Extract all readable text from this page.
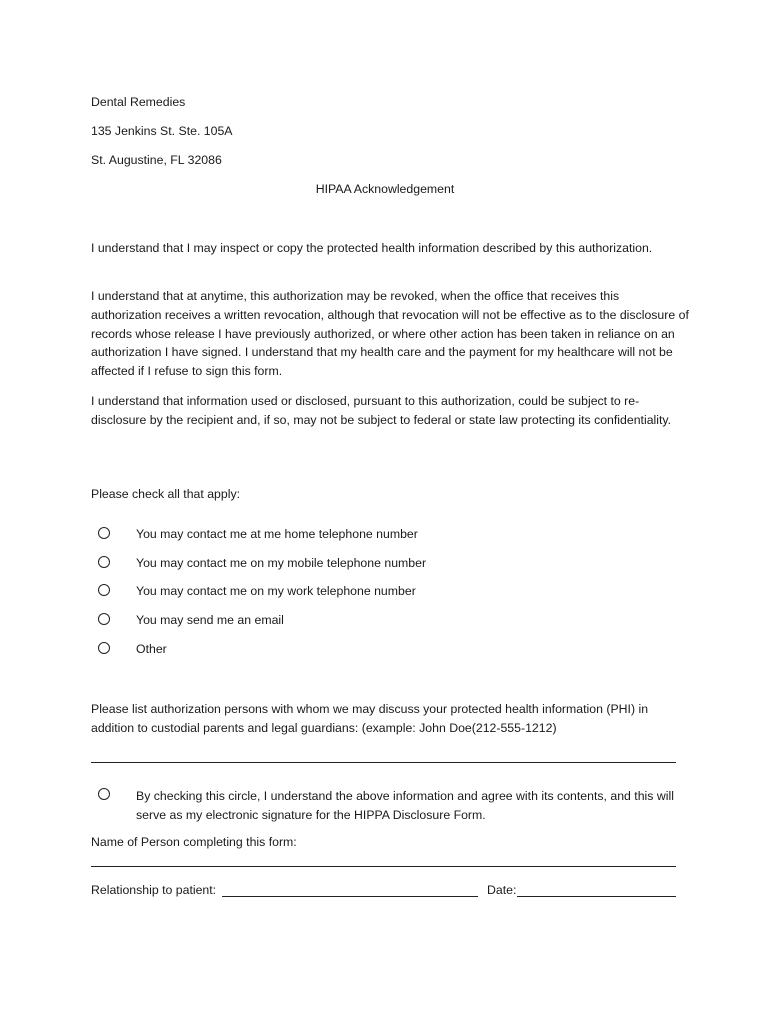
Dental Remedies
135 Jenkins St. Ste. 105A
St. Augustine, FL 32086
HIPAA Acknowledgement
I understand that I may inspect or copy the protected health information described by this authorization.
I understand that at anytime, this authorization may be revoked, when the office that receives this authorization receives a written revocation, although that revocation will not be effective as to the disclosure of records whose release I have previously authorized, or where other action has been taken in reliance on an authorization I have signed. I understand that my health care and the payment for my healthcare will not be affected if I refuse to sign this form.
I understand that information used or disclosed, pursuant to this authorization, could be subject to re-disclosure by the recipient and, if so, may not be subject to federal or state law protecting its confidentiality.
Please check all that apply:
You may contact me at me home telephone number
You may contact me on my mobile telephone number
You may contact me on my work telephone number
You may send me an email
Other
Please list authorization persons with whom we may discuss your protected health information (PHI) in addition to custodial parents and legal guardians: (example: John Doe(212-555-1212)
By checking this circle, I understand the above information and agree with its contents, and this will serve as my electronic signature for the HIPPA Disclosure Form.
Name of Person completing this form:
Relationship to patient:	Date:
